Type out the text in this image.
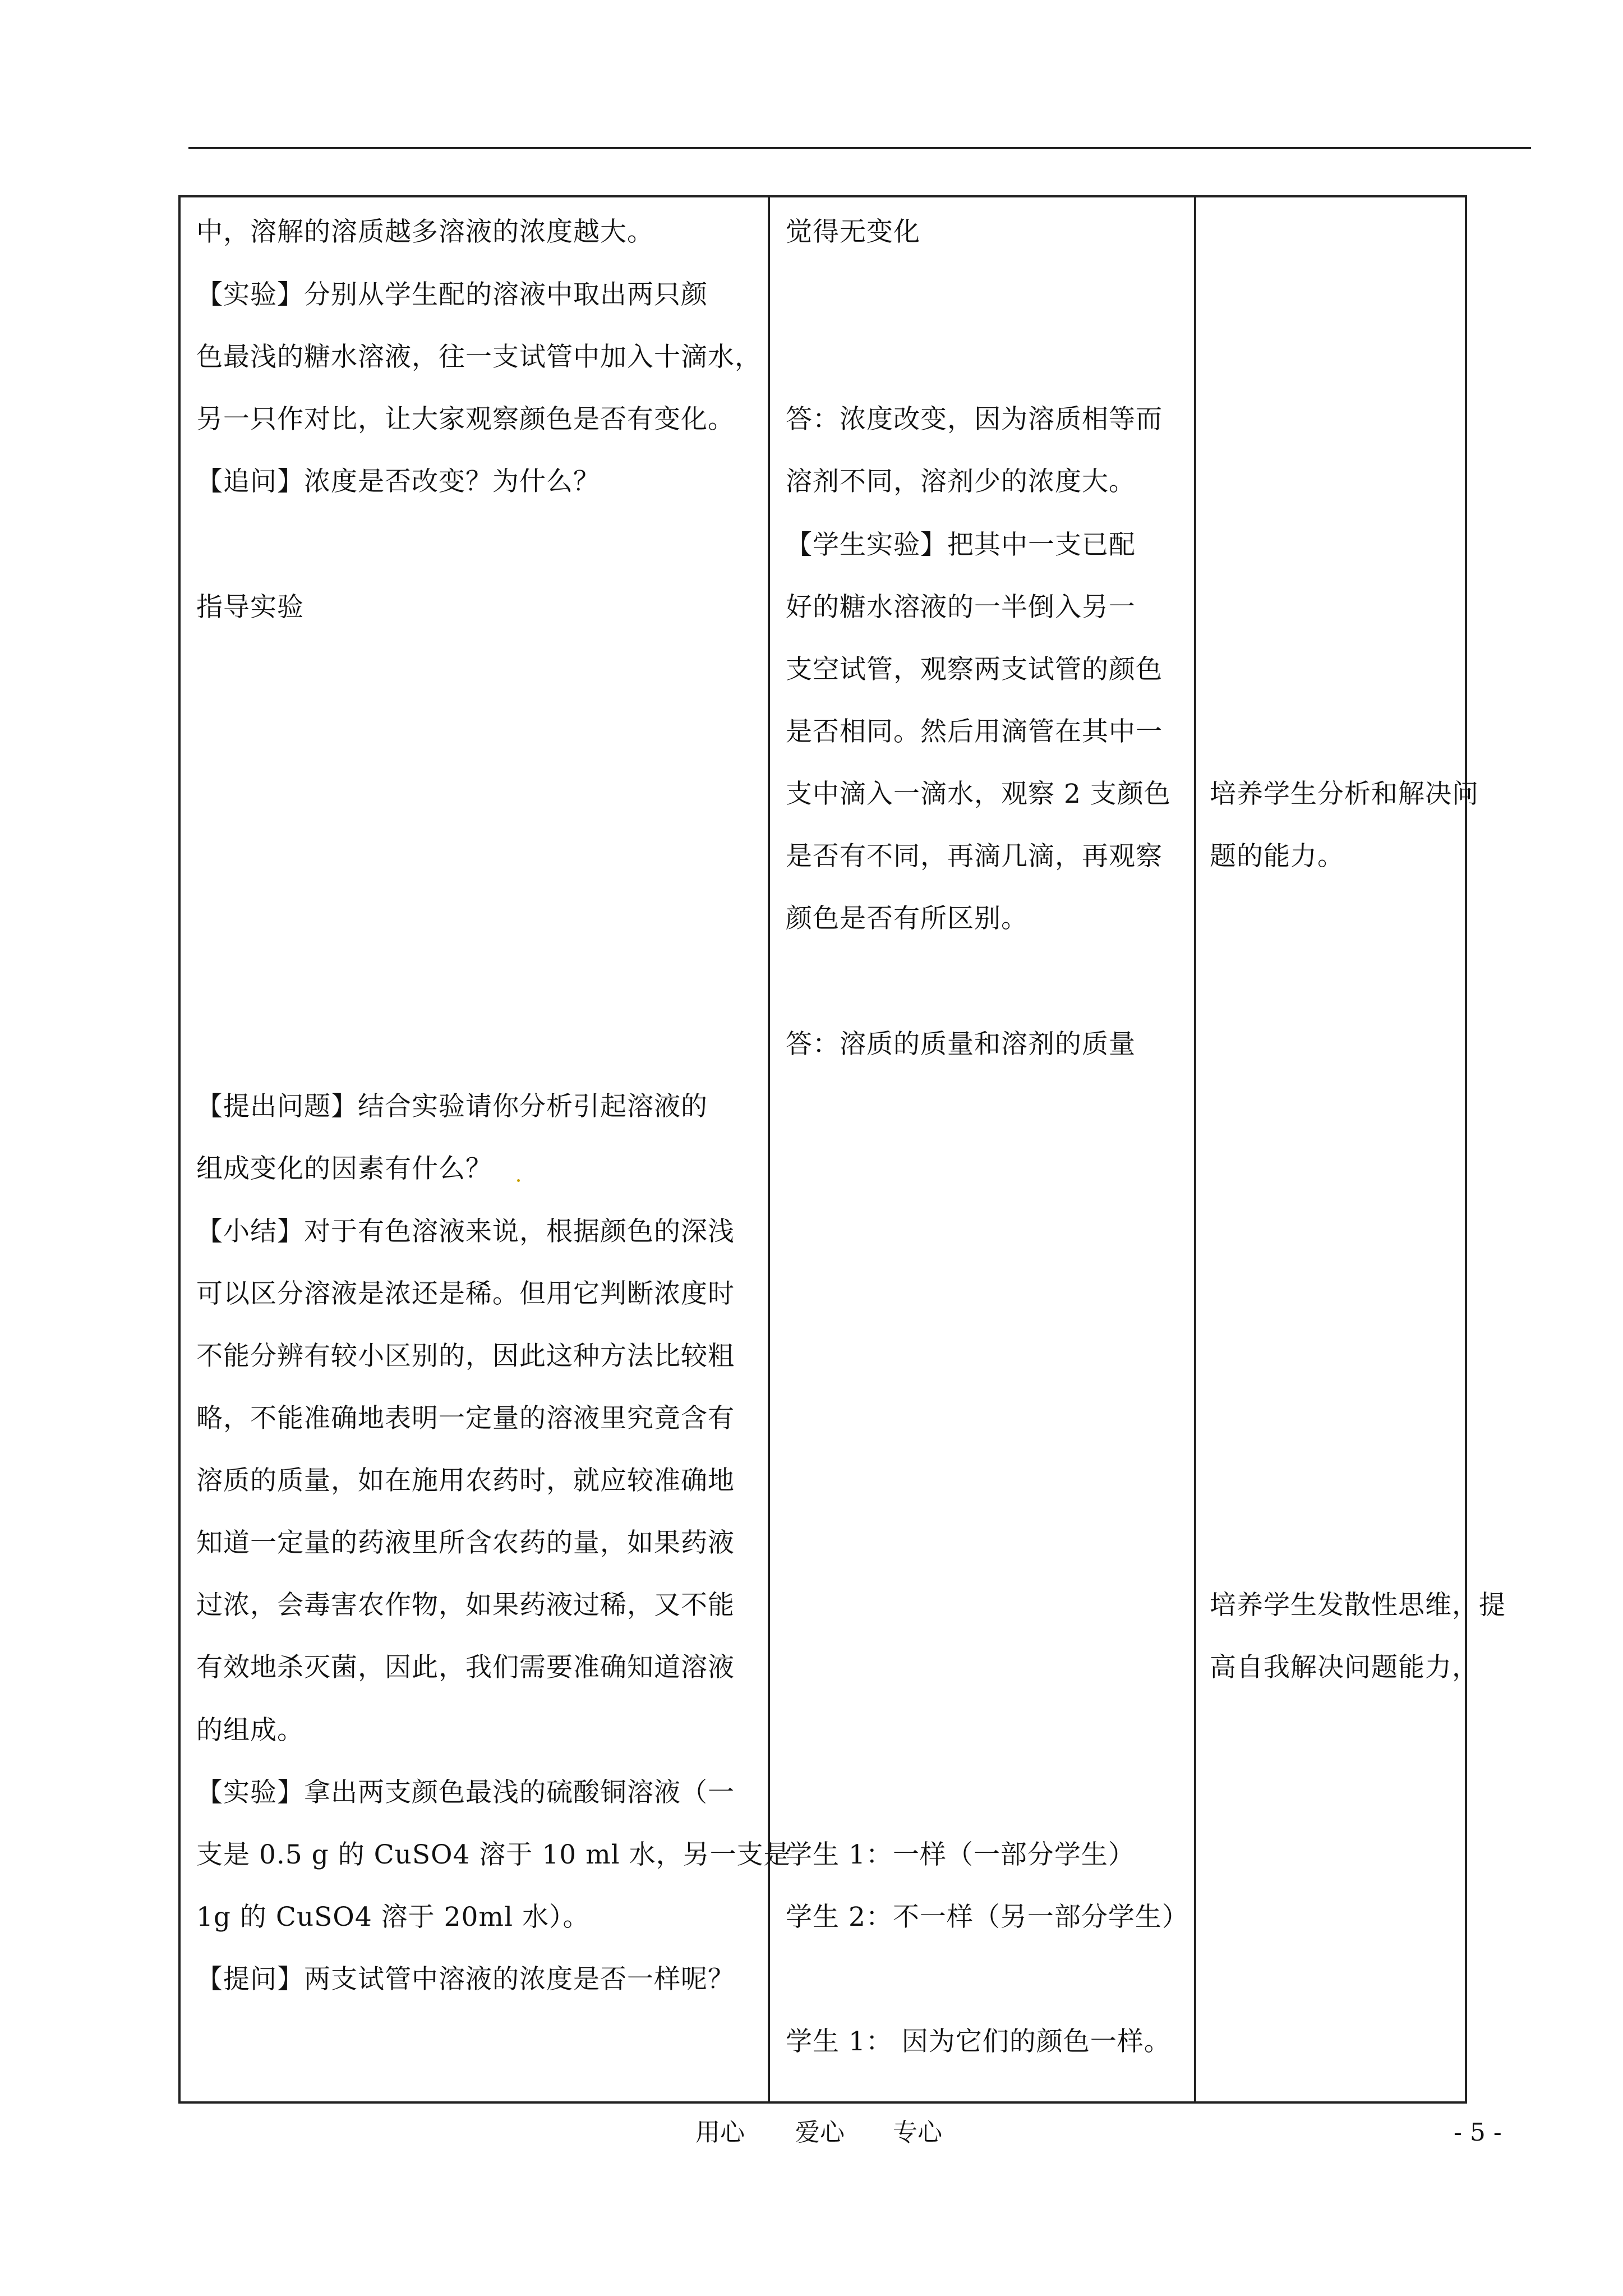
中，溶解的溶质越多溶液的浓度越大。
【实验】分别从学生配的溶液中取出两只颜
色最浅的糖水溶液，往一支试管中加入十滴水，
另一只作对比，让大家观察颜色是否有变化。
【追问】浓度是否改变？为什么？
指导实验
【提出问题】结合实验请你分析引起溶液的
组成变化的因素有什么？
【小结】对于有色溶液来说，根据颜色的深浅
可以区分溶液是浓还是稀。但用它判断浓度时
不能分辨有较小区别的，因此这种方法比较粗
略，不能准确地表明一定量的溶液里究竟含有
溶质的质量，如在施用农药时，就应较准确地
知道一定量的药液里所含农药的量，如果药液
过浓，会毒害农作物，如果药液过稀，又不能
有效地杀灭菌，因此，我们需要准确知道溶液
的组成。
【实验】拿出两支颜色最浅的硫酸铜溶液（一
支是 0.5 g 的 CuSO4 溶于 10 ml 水，另一支是
1g 的 CuSO4 溶于 20ml 水）。
【提问】两支试管中溶液的浓度是否一样呢？
觉得无变化
答：浓度改变，因为溶质相等而
溶剂不同，溶剂少的浓度大。
【学生实验】把其中一支已配
好的糖水溶液的一半倒入另一
支空试管，观察两支试管的颜色
是否相同。然后用滴管在其中一
支中滴入一滴水，观察 2 支颜色
是否有不同，再滴几滴，再观察
颜色是否有所区别。
答：溶质的质量和溶剂的质量
学生 1：一样（一部分学生）
学生 2：不一样（另一部分学生）
学生 1： 因为它们的颜色一样。
培养学生分析和解决问
题的能力。
培养学生发散性思维，提
高自我解决问题能力，
用心 爱心 专心	- 5 -
